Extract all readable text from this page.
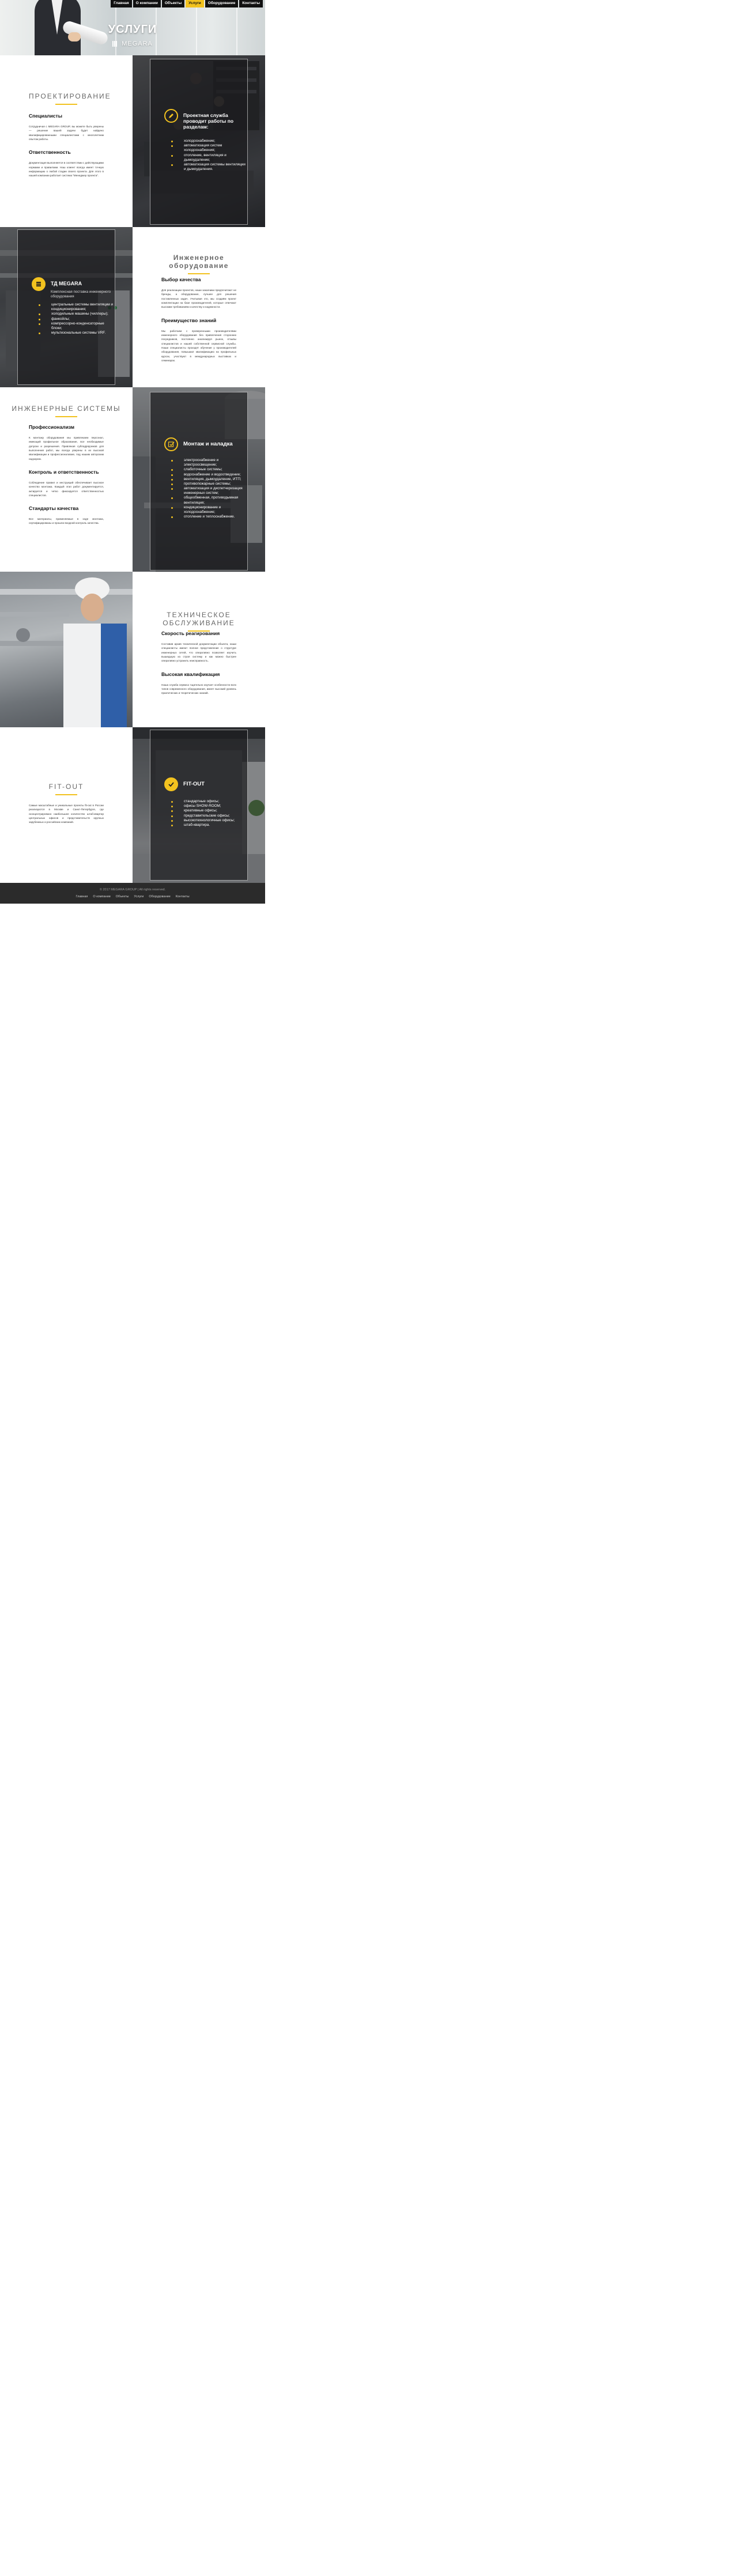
Главная	О компании	Объекты	Услуги	Оборудование	Контакты
УСЛУГИ
MEGARA
ПРОЕКТИРОВАНИЕ
Специалисты
Сотрудничая с MEGARA GROUP, вы можете быть уверены — решение вашей задачи будет найдено квалифицированными специалистами с многолетним опытом работы.
Ответственность
Документация выполняется в соответствии с действующими нормами и правилами. Наш клиент всегда имеет точную информацию о любой стадии своего проекта. Для этого в нашей компании работает система "Менеджер проекта".
Проектная служба проводит работы по разделам:
холодоснабжение;
автоматизация систем холодоснабжения;
отопление, вентиляция и дымоудаление;
автоматизация системы вентиляции и дымоудаления.
ТД MEGARA
Комплексная поставка инженерного оборудования
центральные системы вентиляции и кондиционирования;
холодильные машины (чиллеры);
фанкойлы;
компрессорно-конденсаторные блоки;
мультизональные системы VRF.
Инженерное оборудование
Выбор качества
Для реализации проектов, наши заказчики предпочитают не бренды, а оборудование, лучшее для решения поставленных задач. Учитывая это, мы создаём проект комплектации на базе производителей, которые отвечают высоким требованиям к качеству и надежности.
Преимущество знаний
Мы работаем с проверенными производителями инженерного оборудования без привлечения сторонних посредников, постоянно анализируя рынок, отзывы специалистов и нашей собственной сервисной службы. Наши специалисты проходят обучение у производителей оборудования, повышают квалификацию на профильных курсах, участвуют в международных выставках и семинарах.
ИНЖЕНЕРНЫЕ СИСТЕМЫ
Профессионализм
К монтажу оборудования мы привлекаем персонал, имеющий профильное образование, все необходимые допуски и разрешения. Привлекая субподрядчиков для выполнения работ, мы всегда уверены в их высокой квалификации и профессионализме, под нашим авторским надзором.
Контроль и ответственность
Соблюдение правил и инструкций обеспечивает высокое качество монтажа. Каждый этап работ документируется, актируется и четко фиксируется ответственностью специалистов.
Стандарты качества
Все материалы, применяемые в ходе монтажа, сертифицированы и прошли входной контроль качества.
Монтаж и наладка
электроснабжение и электроосвещение;
слаботочные системы;
водоснабжение и водоотведение;
вентиляция, дымоудаление, ИТП;
противопожарные системы;
автоматизация и диспетчеризация инженерных систем;
общеобменная, противодымная вентиляция;
кондиционирование и холодоснабжение;
отопление и теплоснабжение.
ТЕХНИЧЕСКОЕ ОБСЛУЖИВАНИЕ
Скорость реагирования
Составив архив технической документации объекта, наши специалисты имеют полное представление о структуре инженерных сетей, что оперативно позволяет изучить вышедшую из строя систему и как можно быстрее оперативно устранить неисправность.
Высокая квалификация
Наша служба сервиса тщательно изучает особенности всех типов современного оборудования, имеет высокий уровень практических и теоретических знаний.
FIT-OUT
Самые масштабные и уникальные проекты fit-out в России реализуются в Москве и Санкт-Петербурге, где сконцентрировано наибольшее количество штаб-квартир центральных офисов и представительств крупных зарубежных и российских компаний.
FIT-OUT
стандартные офисы;
офисы SHOW-ROOM;
креативные офисы;
представительские офисы;
высокотехнологичные офисы;
штаб-квартира.
© 2017 MEGARA GROUP | All rights reserved.
Главная О компании Объекты Услуги Оборудование Контакты
